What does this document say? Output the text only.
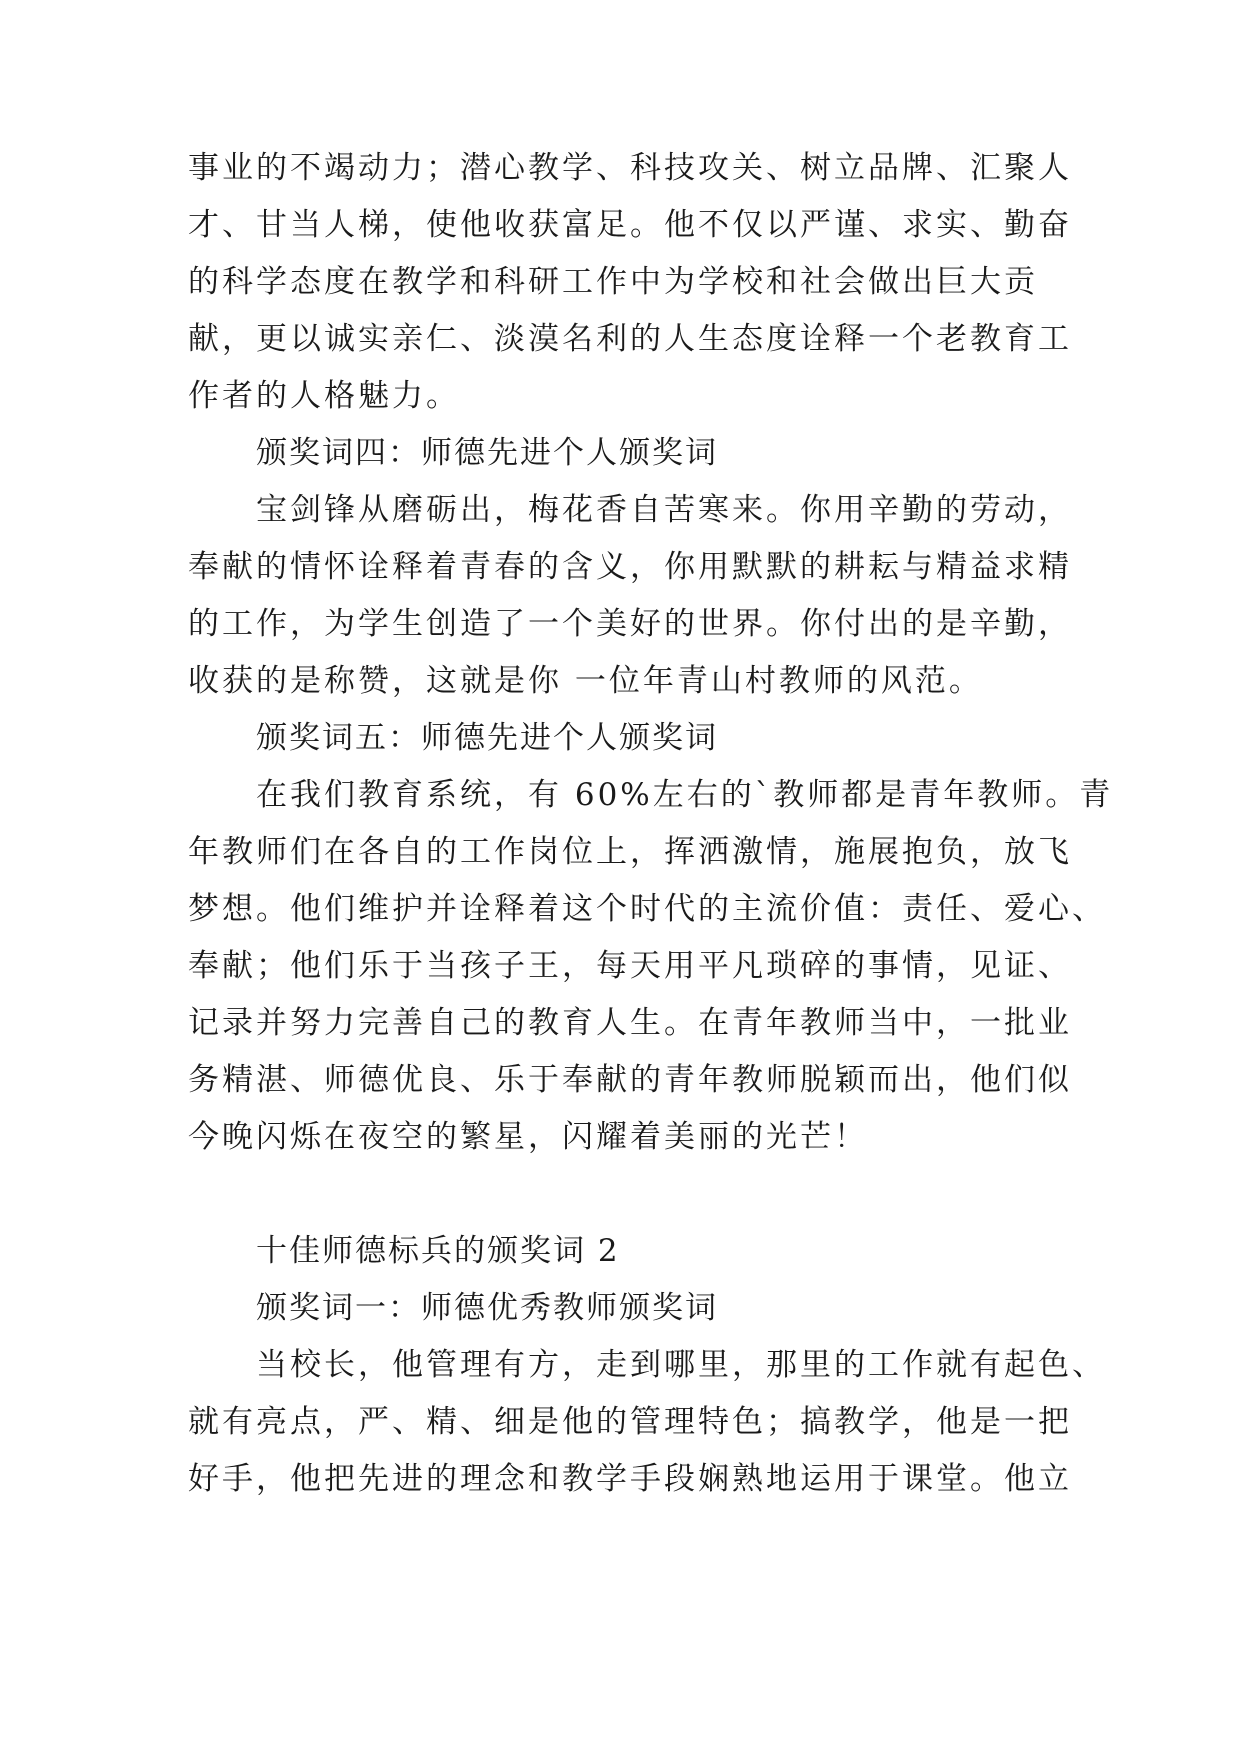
事业的不竭动力；潜心教学、科技攻关、树立品牌、汇聚人
才、甘当人梯，使他收获富足。他不仅以严谨、求实、勤奋
的科学态度在教学和科研工作中为学校和社会做出巨大贡
献，更以诚实亲仁、淡漠名利的人生态度诠释一个老教育工
作者的人格魅力。
颁奖词四：师德先进个人颁奖词
宝剑锋从磨砺出，梅花香自苦寒来。你用辛勤的劳动，
奉献的情怀诠释着青春的含义，你用默默的耕耘与精益求精
的工作，为学生创造了一个美好的世界。你付出的是辛勤，
收获的是称赞，这就是你 一位年青山村教师的风范。
颁奖词五：师德先进个人颁奖词
在我们教育系统，有 60%左右的`教师都是青年教师。青
年教师们在各自的工作岗位上，挥洒激情，施展抱负，放飞
梦想。他们维护并诠释着这个时代的主流价值：责任、爱心、
奉献；他们乐于当孩子王，每天用平凡琐碎的事情，见证、
记录并努力完善自己的教育人生。在青年教师当中，一批业
务精湛、师德优良、乐于奉献的青年教师脱颖而出，他们似
今晚闪烁在夜空的繁星，闪耀着美丽的光芒！
十佳师德标兵的颁奖词 2
颁奖词一：师德优秀教师颁奖词
当校长，他管理有方，走到哪里，那里的工作就有起色、
就有亮点，严、精、细是他的管理特色；搞教学，他是一把
好手，他把先进的理念和教学手段娴熟地运用于课堂。他立
